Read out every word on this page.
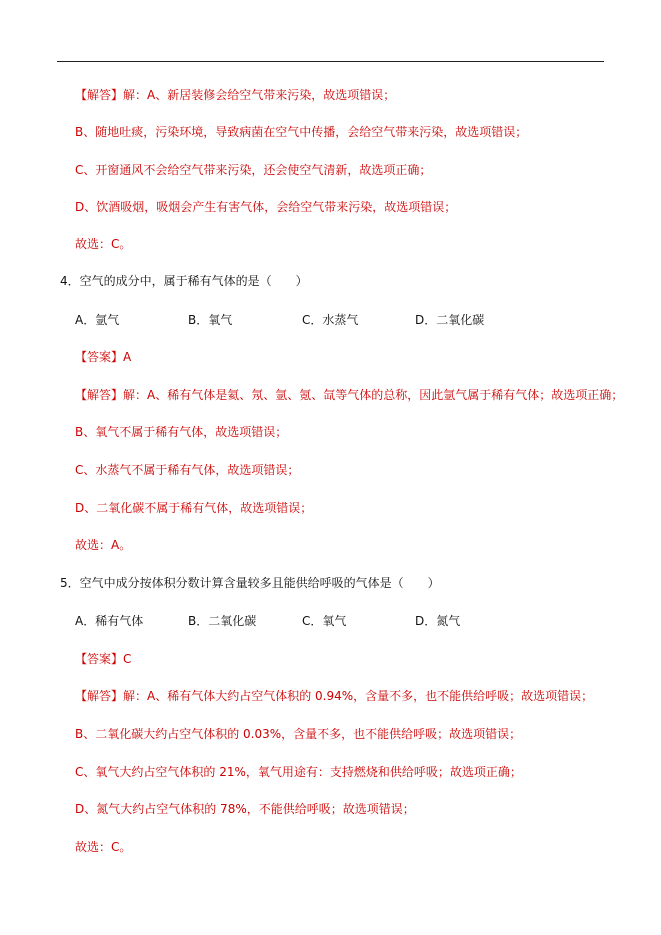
【解答】解：A、新居装修会给空气带来污染，故选项错误；
B、随地吐痰，污染环境，导致病菌在空气中传播，会给空气带来污染，故选项错误；
C、开窗通风不会给空气带来污染，还会使空气清新，故选项正确；
D、饮酒吸烟，吸烟会产生有害气体，会给空气带来污染，故选项错误；
故选：C。
4．空气的成分中，属于稀有气体的是（　　）
A．氩气	B．氧气	C．水蒸气	D．二氧化碳
【答案】A
【解答】解：A、稀有气体是氦、氖、氩、氪、氙等气体的总称，因此氩气属于稀有气体；故选项正确；
B、氧气不属于稀有气体，故选项错误；
C、水蒸气不属于稀有气体，故选项错误；
D、二氧化碳不属于稀有气体，故选项错误；
故选：A。
5．空气中成分按体积分数计算含量较多且能供给呼吸的气体是（　　）
A．稀有气体	B．二氧化碳	C．氧气	D．氮气
【答案】C
【解答】解：A、稀有气体大约占空气体积的 0.94%，含量不多，也不能供给呼吸；故选项错误；
B、二氧化碳大约占空气体积的 0.03%，含量不多，也不能供给呼吸；故选项错误；
C、氧气大约占空气体积的 21%，氧气用途有：支持燃烧和供给呼吸；故选项正确；
D、氮气大约占空气体积的 78%，不能供给呼吸；故选项错误；
故选：C。
